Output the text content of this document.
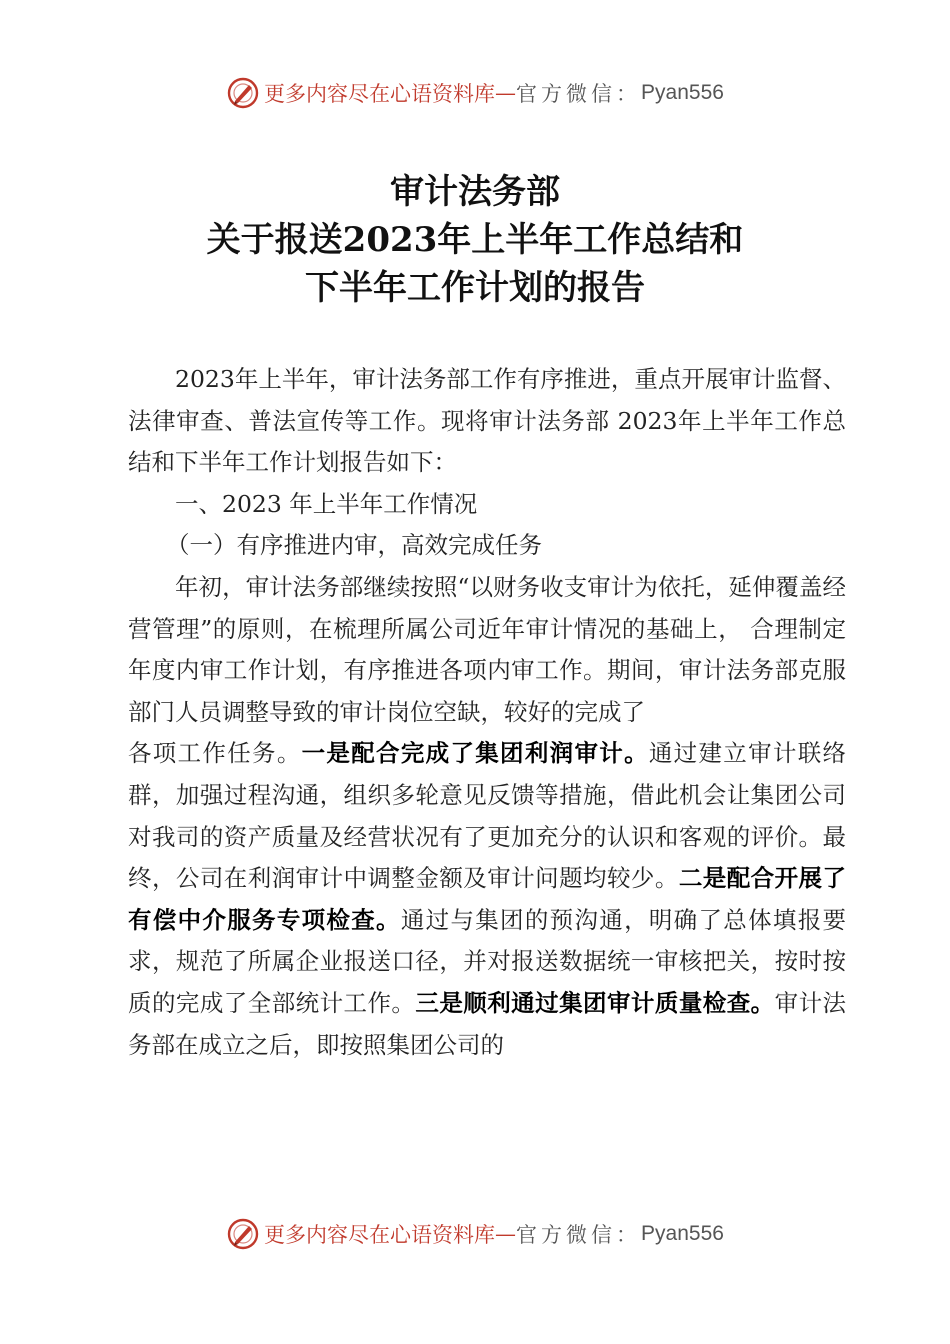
更多内容尽在心语资料库 — 官方微信： Pyan556
审计法务部
关于报送2023年上半年工作总结和
下半年工作计划的报告

2023年上半年，审计法务部工作有序推进，重点开展审计监督、法律审查、普法宣传等工作。现将审计法务部 2023年上半年工作总结和下半年工作计划报告如下：

一、2023 年上半年工作情况

（一）有序推进内审，高效完成任务

年初，审计法务部继续按照“以财务收支审计为依托，延伸覆盖经营管理”的原则，在梳理所属公司近年审计情况的基础上， 合理制定年度内审工作计划，有序推进各项内审工作。期间，审计法务部克服部门人员调整导致的审计岗位空缺，较好的完成了

各项工作任务。一是配合完成了集团利润审计。通过建立审计联络群，加强过程沟通，组织多轮意见反馈等措施，借此机会让集团公司对我司的资产质量及经营状况有了更加充分的认识和客观的评价。最终，公司在利润审计中调整金额及审计问题均较少。二是配合开展了有偿中介服务专项检查。通过与集团的预沟通，明确了总体填报要求，规范了所属企业报送口径，并对报送数据统一审核把关，按时按质的完成了全部统计工作。三是顺利通过集团审计质量检查。审计法务部在成立之后，即按照集团公司的

更多内容尽在心语资料库 — 官方微信： Pyan556
